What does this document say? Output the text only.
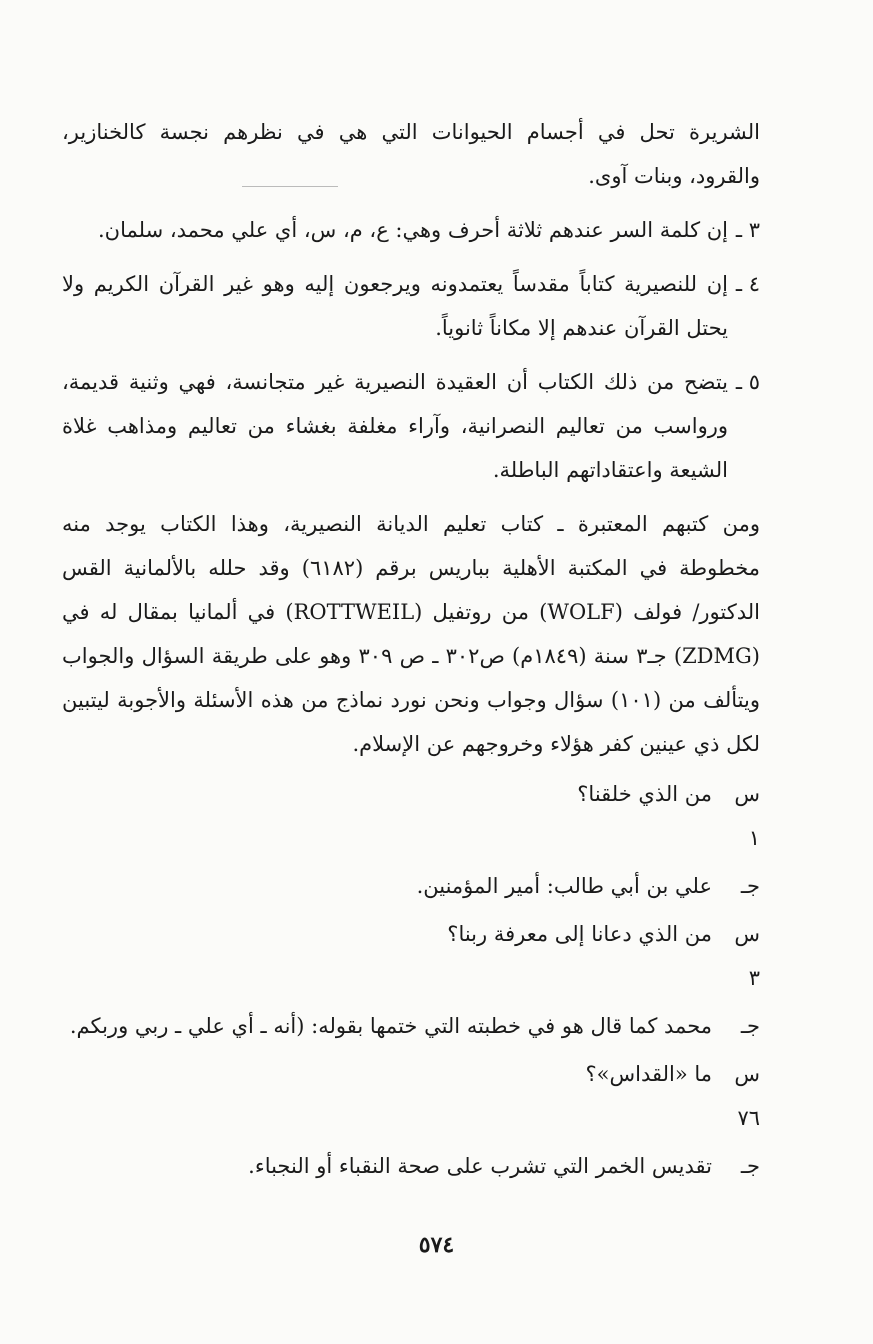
الشريرة تحل في أجسام الحيوانات التي هي في نظرهم نجسة كالخنازير، والقرود، وبنات آوى.

٣ ـ
إن كلمة السر عندهم ثلاثة أحرف وهي: ع، م، س، أي علي محمد، سلمان.
٤ ـ
إن للنصيرية كتاباً مقدساً يعتمدونه ويرجعون إليه وهو غير القرآن الكريم ولا يحتل القرآن عندهم إلا مكاناً ثانوياً.
٥ ـ
يتضح من ذلك الكتاب أن العقيدة النصيرية غير متجانسة، فهي وثنية قديمة، ورواسب من تعاليم النصرانية، وآراء مغلفة بغشاء من تعاليم ومذاهب غلاة الشيعة واعتقاداتهم الباطلة.

ومن كتبهم المعتبرة ـ كتاب تعليم الديانة النصيرية، وهذا الكتاب يوجد منه مخطوطة في المكتبة الأهلية بباريس برقم (٦١٨٢) وقد حلله بالألمانية القس الدكتور/ فولف (WOLF) من روتفيل (ROTTWEIL) في ألمانيا بمقال له في (ZDMG) جـ٣ سنة (١٨٤٩م) ص٣٠٢ ـ ص ٣٠٩ وهو على طريقة السؤال والجواب ويتألف من (١٠١) سؤال وجواب ونحن نورد نماذج من هذه الأسئلة والأجوبة ليتبين لكل ذي عينين كفر هؤلاء وخروجهم عن الإسلام.

س ١
من الذي خلقنا؟
جـ
علي بن أبي طالب: أمير المؤمنين.
س ٣
من الذي دعانا إلى معرفة ربنا؟
جـ
محمد كما قال هو في خطبته التي ختمها بقوله: (أنه ـ أي علي ـ ربي وربكم.
س ٧٦
ما «القداس»؟
جـ
تقديس الخمر التي تشرب على صحة النقباء أو النجباء.
٥٧٤
